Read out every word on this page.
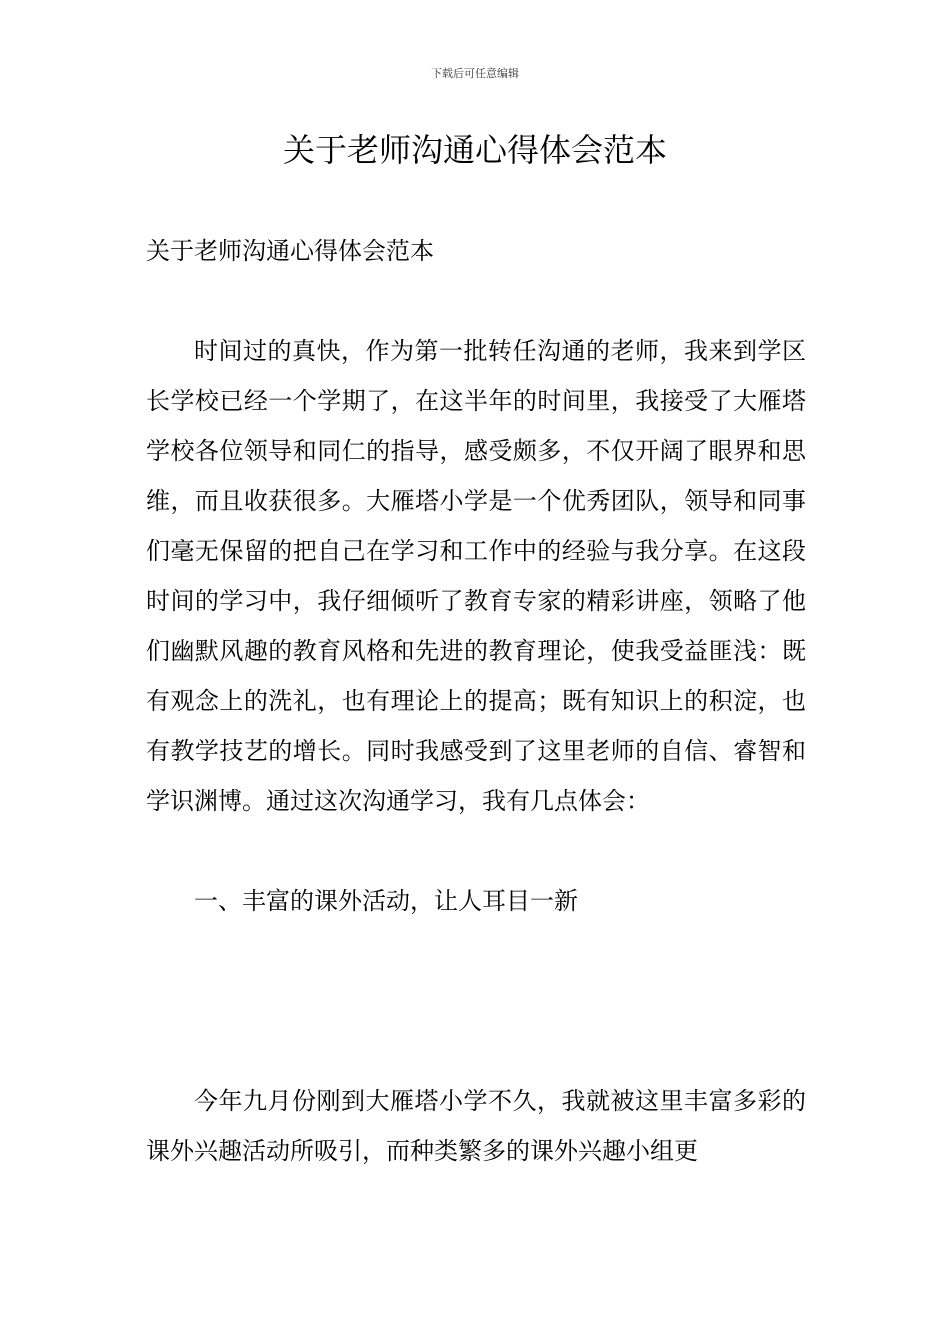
下载后可任意编辑
关于老师沟通心得体会范本

关于老师沟通心得体会范本

时间过的真快，作为第一批转任沟通的老师，我来到学区长学校已经一个学期了，在这半年的时间里，我接受了大雁塔学校各位领导和同仁的指导，感受颇多，不仅开阔了眼界和思维，而且收获很多。大雁塔小学是一个优秀团队，领导和同事们毫无保留的把自己在学习和工作中的经验与我分享。在这段时间的学习中，我仔细倾听了教育专家的精彩讲座，领略了他们幽默风趣的教育风格和先进的教育理论，使我受益匪浅：既有观念上的洗礼，也有理论上的提高；既有知识上的积淀，也有教学技艺的增长。同时我感受到了这里老师的自信、睿智和学识渊博。通过这次沟通学习，我有几点体会：

一、丰富的课外活动，让人耳目一新

今年九月份刚到大雁塔小学不久，我就被这里丰富多彩的课外兴趣活动所吸引，而种类繁多的课外兴趣小组更
